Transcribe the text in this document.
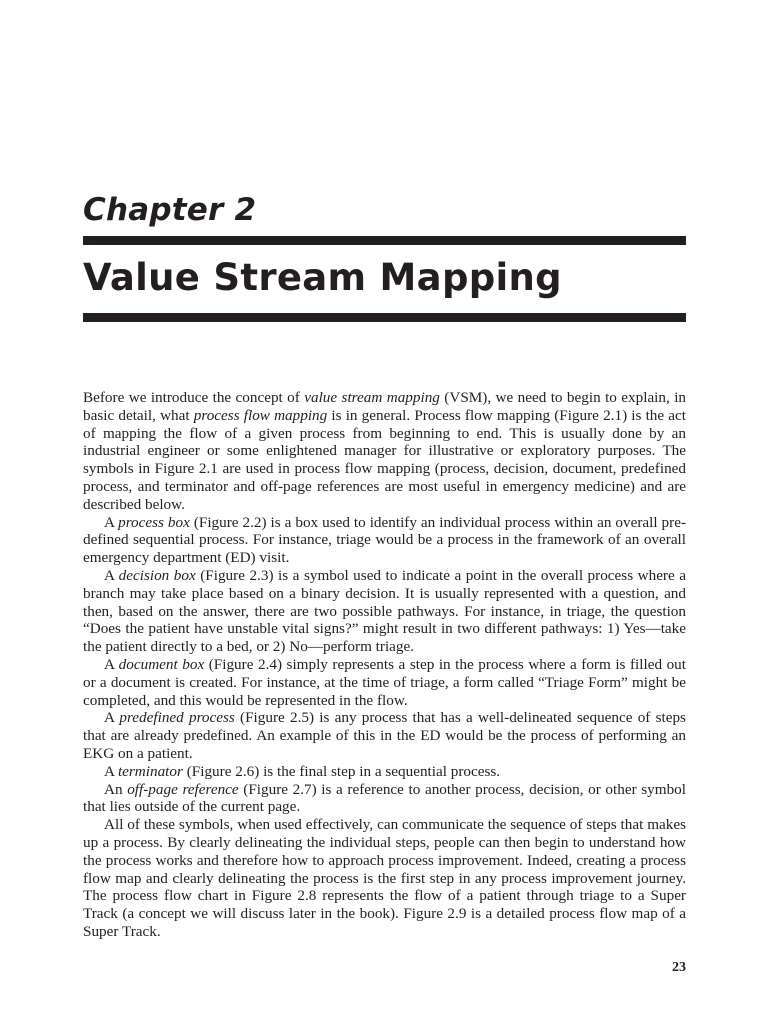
Chapter 2
Value Stream Mapping

Before we introduce the concept of value stream mapping (VSM), we need to begin to explain, in basic detail, what process flow mapping is in general. Process flow mapping (Figure 2.1) is the act of mapping the flow of a given process from beginning to end. This is usually done by an industrial engineer or some enlightened manager for illustrative or exploratory purposes. The symbols in Figure 2.1 are used in process flow mapping (process, decision, document, predefined process, and terminator and off-page references are most useful in emergency medicine) and are described below.

A process box (Figure 2.2) is a box used to identify an individual process within an overall pre-defined sequential process. For instance, triage would be a process in the framework of an overall emergency department (ED) visit.

A decision box (Figure 2.3) is a symbol used to indicate a point in the overall process where a branch may take place based on a binary decision. It is usually represented with a question, and then, based on the answer, there are two possible pathways. For instance, in triage, the question “Does the patient have unstable vital signs?” might result in two different pathways: 1) Yes—take the patient directly to a bed, or 2) No—perform triage.

A document box (Figure 2.4) simply represents a step in the process where a form is filled out or a document is created. For instance, at the time of triage, a form called “Triage Form” might be completed, and this would be represented in the flow.

A predefined process (Figure 2.5) is any process that has a well-delineated sequence of steps that are already predefined. An example of this in the ED would be the process of performing an EKG on a patient.

A terminator (Figure 2.6) is the final step in a sequential process.

An off-page reference (Figure 2.7) is a reference to another process, decision, or other symbol that lies outside of the current page.

All of these symbols, when used effectively, can communicate the sequence of steps that makes up a process. By clearly delineating the individual steps, people can then begin to understand how the process works and therefore how to approach process improvement. Indeed, creating a process flow map and clearly delineating the process is the first step in any process improvement journey. The process flow chart in Figure 2.8 represents the flow of a patient through triage to a Super Track (a concept we will discuss later in the book). Figure 2.9 is a detailed process flow map of a Super Track.

23
